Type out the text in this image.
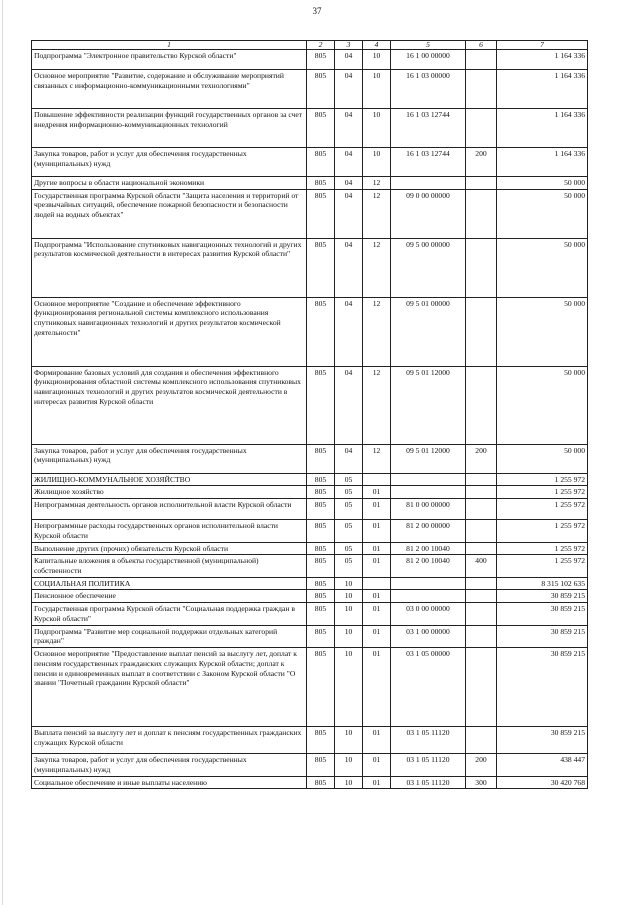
37
1	2	3	4	5	6	7
Подпрограмма "Электронное правительство Курской области"	805	04	10	16 1 00 00000		1 164 336
Основное мероприятие "Развитие, содержание и обслуживание мероприятий связанных с информационно-коммуникационными технологиями"	805	04	10	16 1 03 00000		1 164 336
Повышение эффективности реализации функций государственных органов за счет внедрения информационно-коммуникационных технологий	805	04	10	16 1 03 12744		1 164 336
Закупка товаров, работ и услуг для обеспечения государственных (муниципальных) нужд	805	04	10	16 1 03 12744	200	1 164 336
Другие вопросы в области национальной экономики	805	04	12			50 000
Государственная программа Курской области "Защита населения и территорий от чрезвычайных ситуаций, обеспечение пожарной безопасности и безопасности людей на водных объектах"	805	04	12	09 0 00 00000		50 000
Подпрограмма "Использование спутниковых навигационных технологий и других результатов космической деятельности в интересах развития Курской области"	805	04	12	09 5 00 00000		50 000
Основное мероприятие "Создание и обеспечение эффективного функционирования региональной системы комплексного использования спутниковых навигационных технологий и других результатов космической деятельности"	805	04	12	09 5 01 00000		50 000
Формирование базовых условий для создания и обеспечения эффективного функционирования областной системы комплексного использования спутниковых навигационных технологий и других результатов космической деятельности в интересах развития Курской области	805	04	12	09 5 01 12000		50 000
Закупка товаров, работ и услуг для обеспечения государственных (муниципальных) нужд	805	04	12	09 5 01 12000	200	50 000
ЖИЛИЩНО-КОММУНАЛЬНОЕ ХОЗЯЙСТВО	805	05				1 255 972
Жилищное хозяйство	805	05	01			1 255 972
Непрограммная деятельность органов исполнительной власти Курской области	805	05	01	81 0 00 00000		1 255 972
Непрограммные расходы государственных органов исполнительной власти Курской области	805	05	01	81 2 00 00000		1 255 972
Выполнение других (прочих) обязательств Курской области	805	05	01	81 2 00 10040		1 255 972
Капитальные вложения в объекты государственной (муниципальной) собственности	805	05	01	81 2 00 10040	400	1 255 972
СОЦИАЛЬНАЯ ПОЛИТИКА	805	10				8 315 102 635
Пенсионное обеспечение	805	10	01			30 859 215
Государственная программа Курской области "Социальная поддержка граждан в Курской области"	805	10	01	03 0 00 00000		30 859 215
Подпрограмма "Развитие мер социальной поддержки отдельных категорий граждан"	805	10	01	03 1 00 00000		30 859 215
Основное мероприятие "Предоставление выплат пенсий за выслугу лет, доплат к пенсиям государственных гражданских служащих Курской области; доплат к пенсии и единовременных выплат в соответствии с Законом Курской области "О звании "Почетный гражданин Курской области"	805	10	01	03 1 05 00000		30 859 215
Выплата пенсий за выслугу лет и доплат к пенсиям государственных гражданских служащих Курской области	805	10	01	03 1 05 11120		30 859 215
Закупка товаров, работ и услуг для обеспечения государственных (муниципальных) нужд	805	10	01	03 1 05 11120	200	438 447
Социальное обеспечение и иные выплаты населению	805	10	01	03 1 05 11120	300	30 420 768
